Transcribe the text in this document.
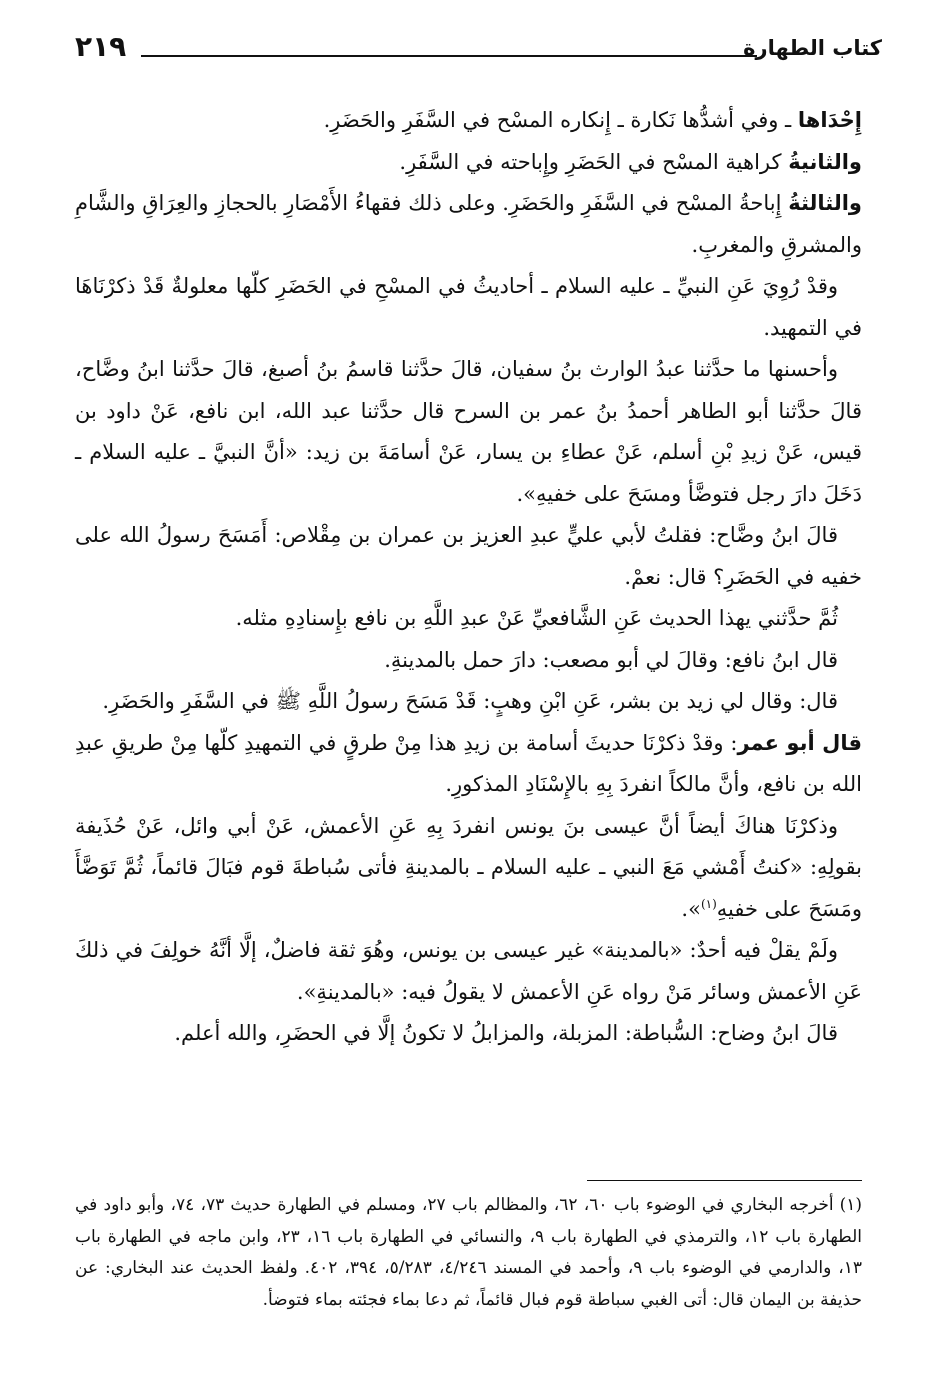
كتاب الطهارة
٢١٩

إِحْدَاها ـ وفي أشدُّها نَكارة ـ إِنكاره المسْح في السَّفَرِ والحَضَرِ.

والثانيةُ كراهية المسْح في الحَضَرِ وإِباحته في السَّفَرِ.

والثالثةُ إِباحةُ المسْح في السَّفَرِ والحَضَرِ. وعلى ذلك فقهاءُ الأَمْصَارِ بالحجازِ والعِرَاقِ والشَّامِ والمشرقِ والمغربِ.

وقدْ رُوِيَ عَنِ النبيِّ ـ عليه السلام ـ أحاديثُ في المسْحِ في الحَضَرِ كلّها معلولةٌ قَدْ ذكرْنَاهَا في التمهيد.

وأحسنها ما حدَّثنا عبدُ الوارث بنُ سفيان، قالَ حدَّثنا قاسمُ بنُ أصبغ، قالَ حدَّثنا ابنُ وضَّاح، قالَ حدَّثنا أبو الطاهر أحمدُ بنُ عمر بن السرح قال حدَّثنا عبد الله، ابن نافع، عَنْ داود بن قيس، عَنْ زيدِ بْنِ أسلم، عَنْ عطاءِ بن يسار، عَنْ أسامَةَ بن زيد: «أنَّ النبيَّ ـ عليه السلام ـ دَخَلَ دارَ رجل فتوضَّأ ومسَحَ على خفيهِ».

قالَ ابنُ وضَّاح: فقلتُ لأبي عليٍّ عبدِ العزيز بن عمران بن مِقْلاص: أَمَسَحَ رسولُ الله على خفيه في الحَضَرِ؟ قال: نعمْ.

ثُمَّ حدَّثني يهذا الحديث عَنِ الشَّافعيِّ عَنْ عبدِ اللَّهِ بن نافع بإِسنادِهِ مثله.

قال ابنُ نافع: وقالَ لي أبو مصعب: دارَ حمل بالمدينةِ.

قال: وقال لي زيد بن بشر، عَنِ ابْنِ وهبٍ: قَدْ مَسَحَ رسولُ اللَّهِ ﷺ في السَّفَرِ والحَضَرِ.

قال أبو عمر: وقدْ ذكرْنَا حديثَ أسامة بن زيدِ هذا مِنْ طرقٍ في التمهيدِ كلّها مِنْ طريقِ عبدِ الله بن نافع، وأنَّ مالكاً انفردَ بِهِ بالإِسْنَادِ المذكورِ.

وذكرْنَا هناكَ أيضاً أنَّ عيسى بنَ يونس انفردَ بِهِ عَنِ الأعمش، عَنْ أبي وائل، عَنْ حُذَيفة بقولِهِ: «كنتُ أَمْشي مَعَ النبي ـ عليه السلام ـ بالمدينةِ فأتى سُباطةَ قوم فبَالَ قائماً، ثُمَّ تَوَضَّأَ ومَسَحَ على خفيهِ$^{(١)}$».

ولَمْ يقلْ فيه أحدٌ: «بالمدينة» غير عيسى بن يونس، وهُوَ ثقة فاضلٌ، إلَّا أنَّهُ خولِفَ في ذلكَ عَنِ الأعمش وسائر مَنْ رواه عَنِ الأعمش لا يقولُ فيه: «بالمدينةِ».

قالَ ابنُ وضاح: السُّباطة: المزبلة، والمزابلُ لا تكونُ إلَّا في الحضَرِ، والله أعلم.

(١)أخرجه البخاري في الوضوء باب ٦٠، ٦٢، والمظالم باب ٢٧، ومسلم في الطهارة حديث ٧٣، ٧٤، وأبو داود في الطهارة باب ١٢، والترمذي في الطهارة باب ٩، والنسائي في الطهارة باب ١٦، ٢٣، وابن ماجه في الطهارة باب ١٣، والدارمي في الوضوء باب ٩، وأحمد في المسند ٤/٢٤٦، ٥/٢٨٣، ٣٩٤، ٤٠٢. ولفظ الحديث عند البخاري: عن حذيفة بن اليمان قال: أتى الغبي سباطة قوم فبال قائماً، ثم دعا بماء فجئته بماء فتوضأ.
